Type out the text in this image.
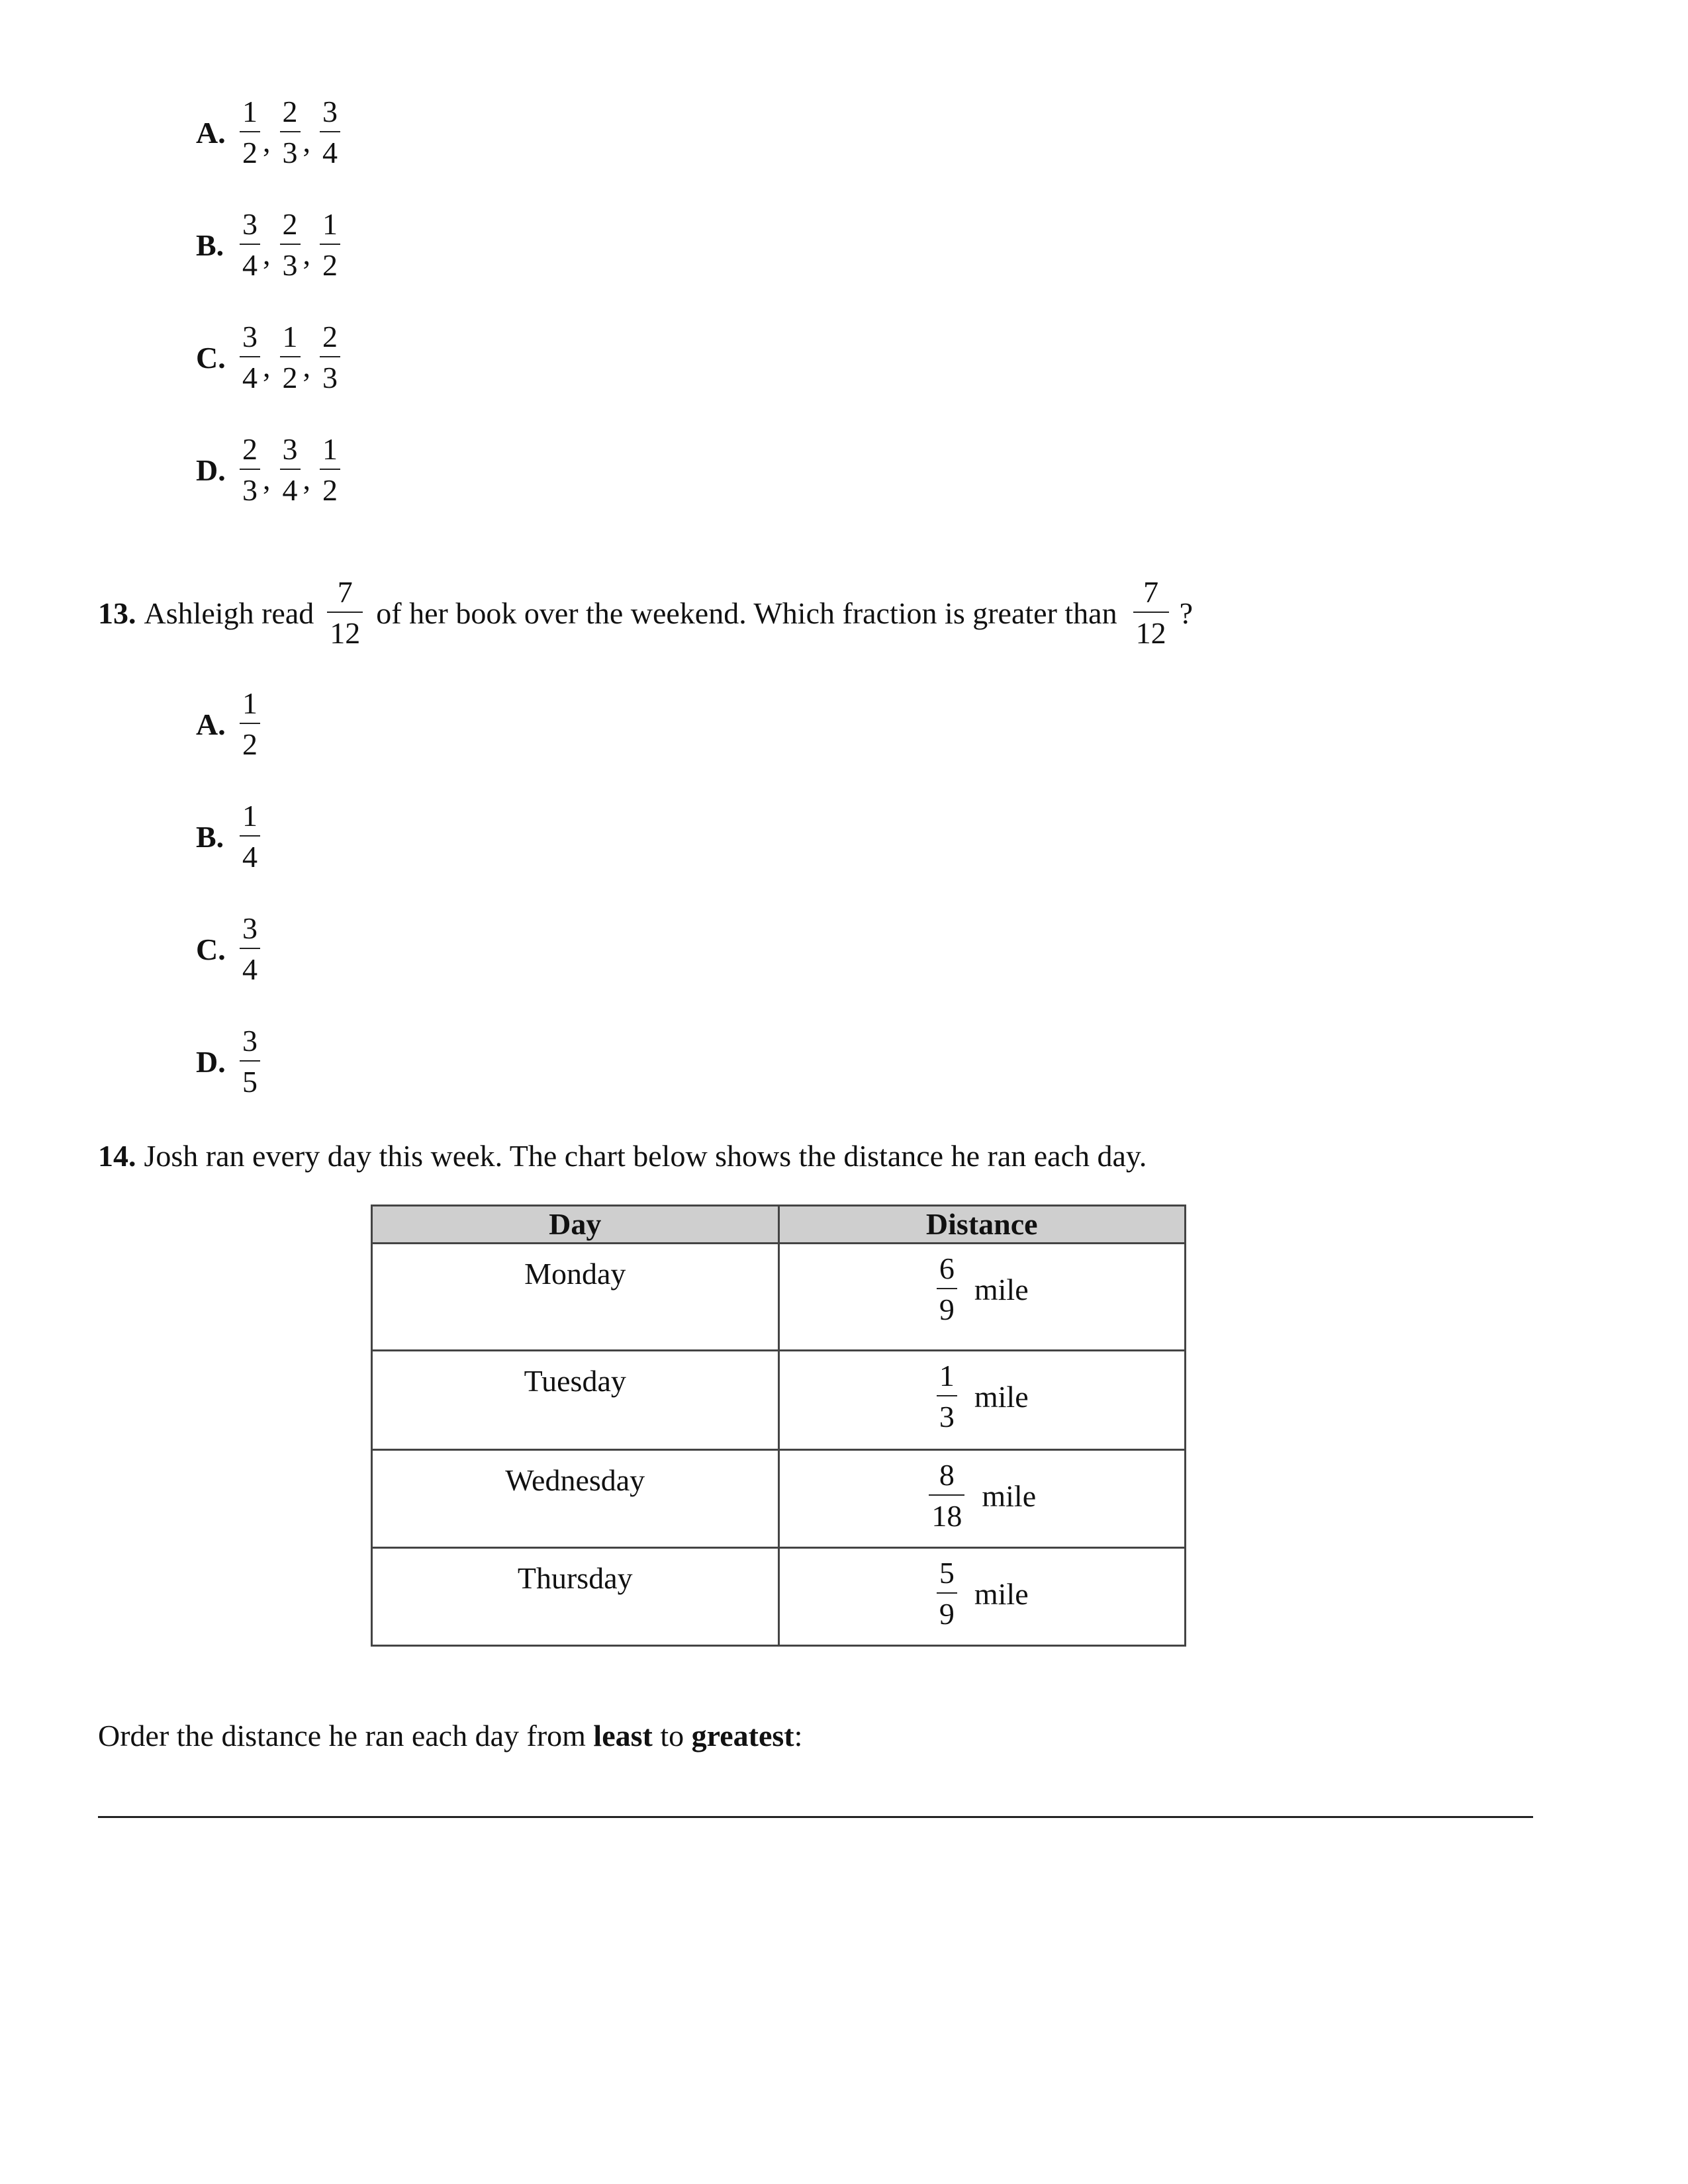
A. $\frac{1}{2}$ , $\frac{2}{3}$ , $\frac{3}{4}$
B. $\frac{3}{4}$ , $\frac{2}{3}$ , $\frac{1}{2}$
C. $\frac{3}{4}$ , $\frac{1}{2}$ , $\frac{2}{3}$
D. $\frac{2}{3}$ , $\frac{3}{4}$ , $\frac{1}{2}$
13. Ashleigh read $\frac{7}{12}$ of her book over the weekend. Which fraction is greater than $\frac{7}{12}$ ?
A. $\frac{1}{2}$
B. $\frac{1}{4}$
C. $\frac{3}{4}$
D. $\frac{3}{5}$
14. Josh ran every day this week. The chart below shows the distance he ran each day.
Day	Distance
Monday	$\frac{6}{9}$ mile

Tuesday	$\frac{1}{3}$ mile

Wednesday	$\frac{8}{18}$ mile

Thursday	$\frac{5}{9}$ mile
Order the distance he ran each day from least to greatest:
